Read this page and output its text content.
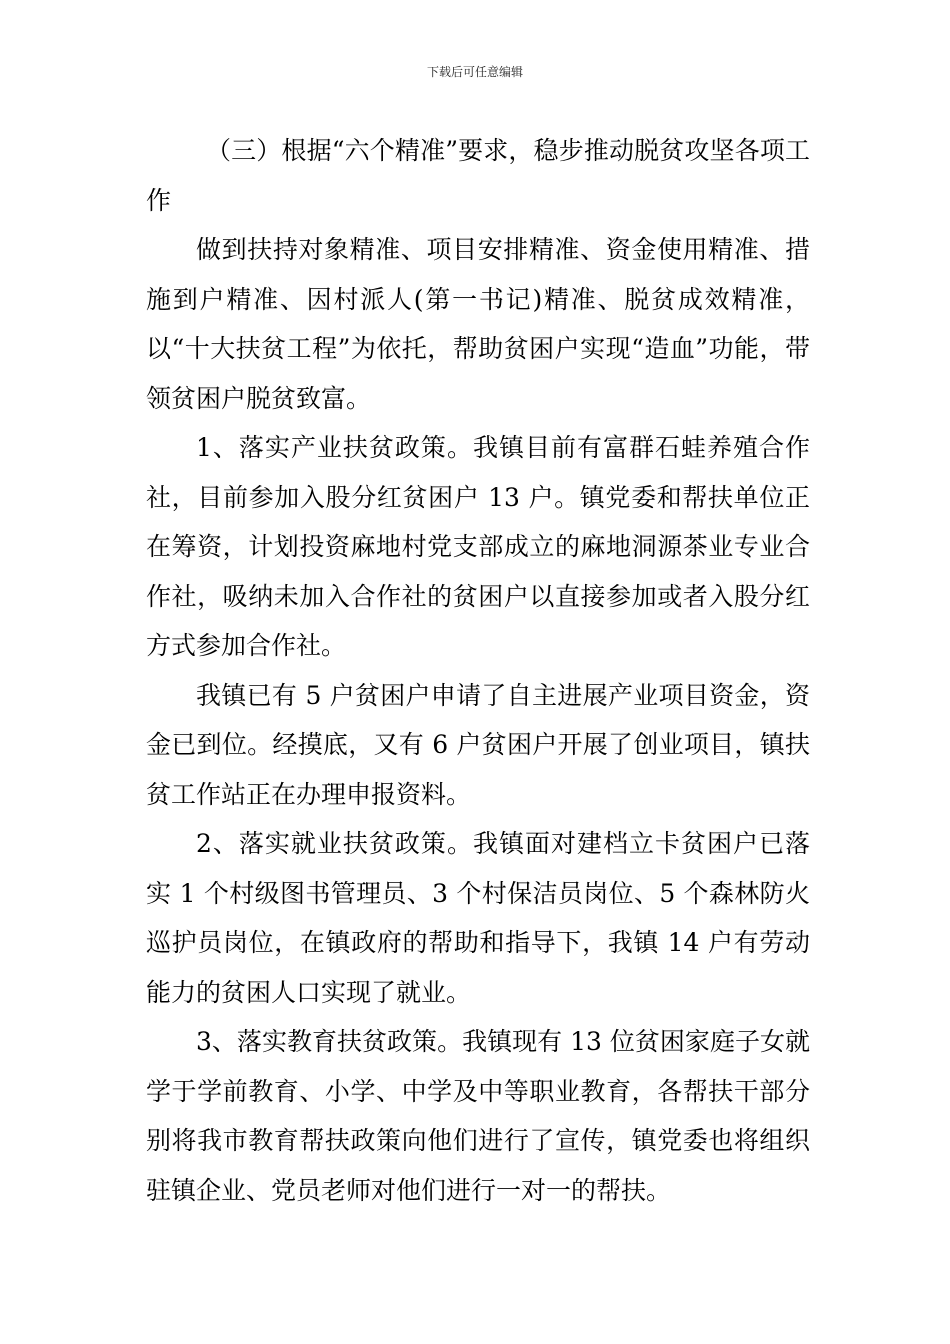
下载后可任意编辑

（三）根据“六个精准”要求，稳步推动脱贫攻坚各项工作

做到扶持对象精准、项目安排精准、资金使用精准、措施到户精准、因村派人(第一书记)精准、脱贫成效精准，以“十大扶贫工程”为依托，帮助贫困户实现“造血”功能，带领贫困户脱贫致富。

1、落实产业扶贫政策。我镇目前有富群石蛙养殖合作社，目前参加入股分红贫困户 13 户。镇党委和帮扶单位正在筹资，计划投资麻地村党支部成立的麻地洞源茶业专业合作社，吸纳未加入合作社的贫困户以直接参加或者入股分红方式参加合作社。

我镇已有 5 户贫困户申请了自主进展产业项目资金，资金已到位。经摸底，又有 6 户贫困户开展了创业项目，镇扶贫工作站正在办理申报资料。

2、落实就业扶贫政策。我镇面对建档立卡贫困户已落实 1 个村级图书管理员、3 个村保洁员岗位、5 个森林防火巡护员岗位，在镇政府的帮助和指导下，我镇 14 户有劳动能力的贫困人口实现了就业。

3、落实教育扶贫政策。我镇现有 13 位贫困家庭子女就学于学前教育、小学、中学及中等职业教育，各帮扶干部分别将我市教育帮扶政策向他们进行了宣传，镇党委也将组织驻镇企业、党员老师对他们进行一对一的帮扶。
